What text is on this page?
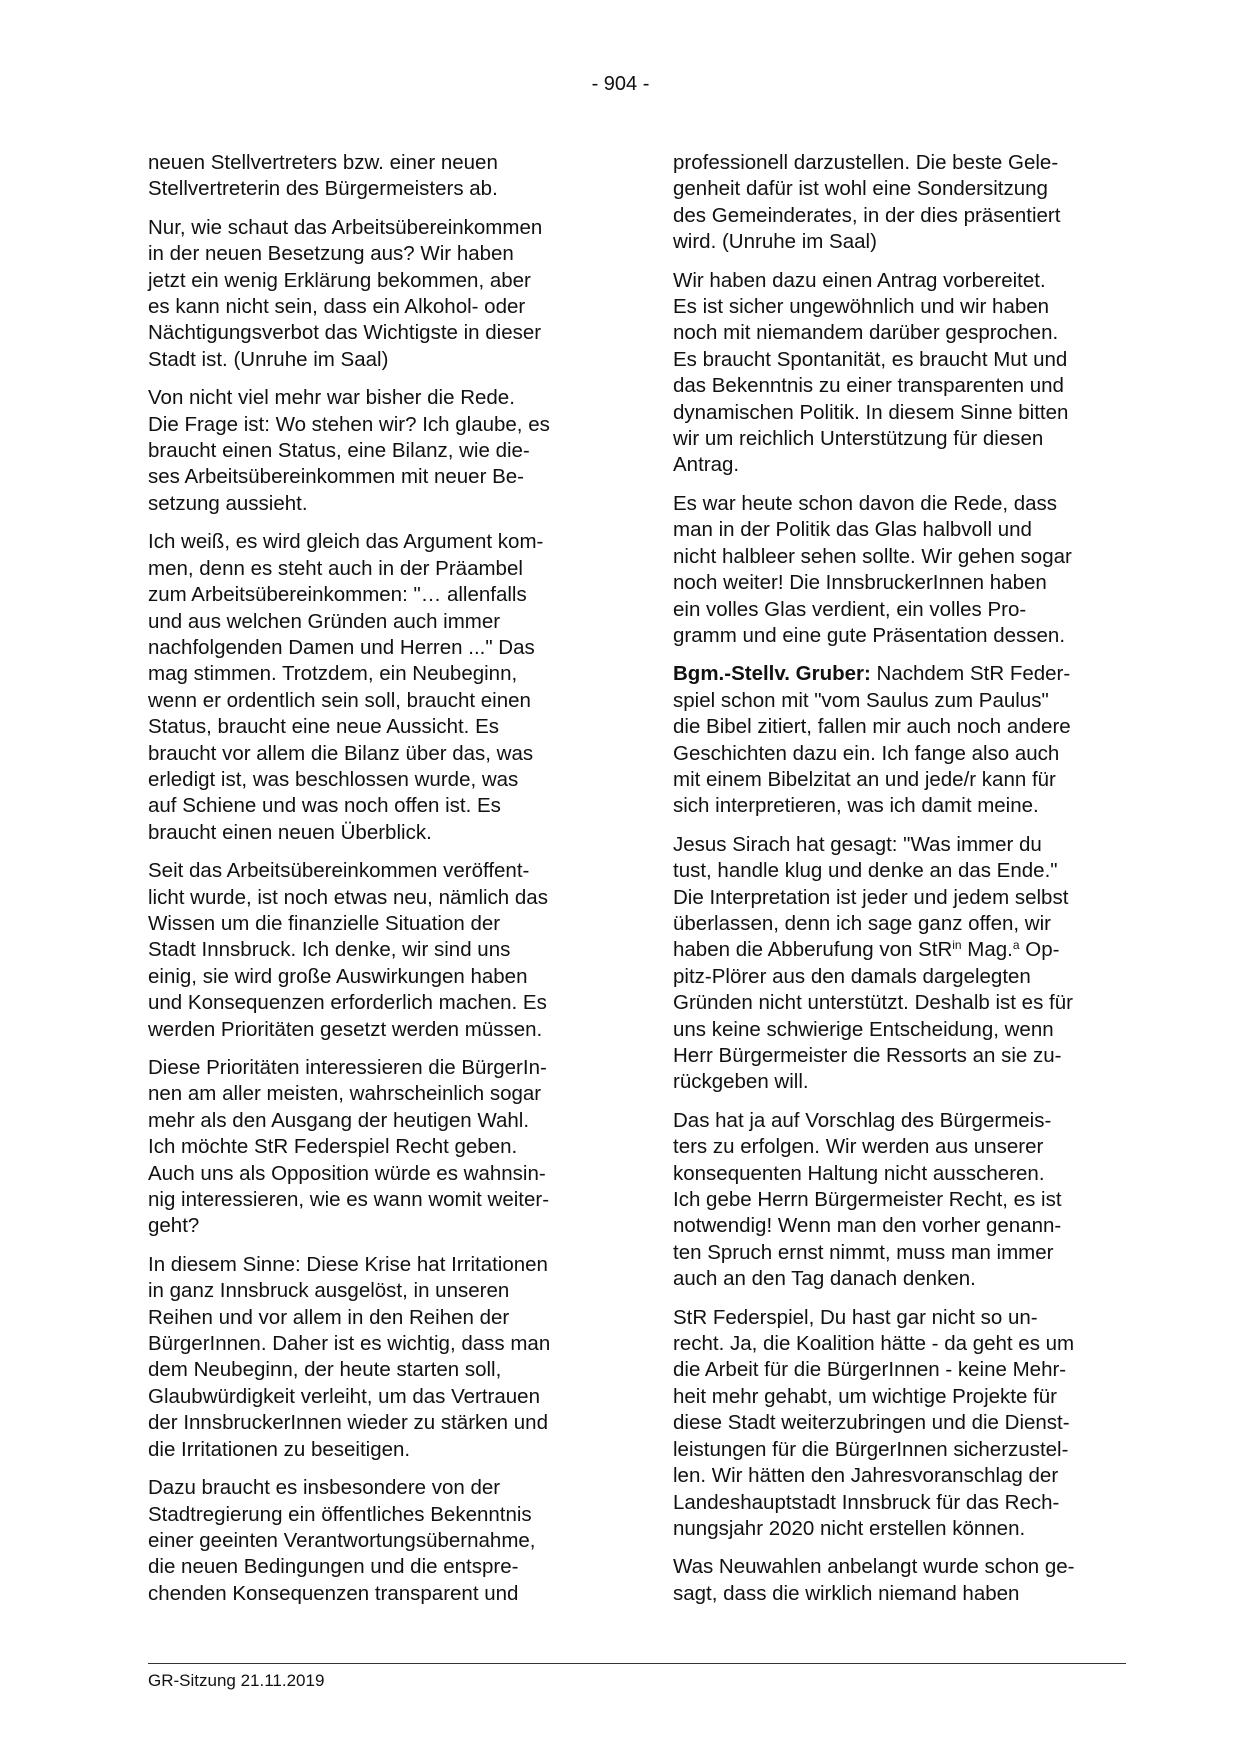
- 904 -

neuen Stellvertreters bzw. einer neuen
Stellvertreterin des Bürgermeisters ab.

Nur, wie schaut das Arbeitsübereinkommen
in der neuen Besetzung aus? Wir haben
jetzt ein wenig Erklärung bekommen, aber
es kann nicht sein, dass ein Alkohol- oder
Nächtigungsverbot das Wichtigste in dieser
Stadt ist. (Unruhe im Saal)

Von nicht viel mehr war bisher die Rede.
Die Frage ist: Wo stehen wir? Ich glaube, es
braucht einen Status, eine Bilanz, wie die-
ses Arbeitsübereinkommen mit neuer Be-
setzung aussieht.

Ich weiß, es wird gleich das Argument kom-
men, denn es steht auch in der Präambel
zum Arbeitsübereinkommen: "… allenfalls
und aus welchen Gründen auch immer
nachfolgenden Damen und Herren ..." Das
mag stimmen. Trotzdem, ein Neubeginn,
wenn er ordentlich sein soll, braucht einen
Status, braucht eine neue Aussicht. Es
braucht vor allem die Bilanz über das, was
erledigt ist, was beschlossen wurde, was
auf Schiene und was noch offen ist. Es
braucht einen neuen Überblick.

Seit das Arbeitsübereinkommen veröffent-
licht wurde, ist noch etwas neu, nämlich das
Wissen um die finanzielle Situation der
Stadt Innsbruck. Ich denke, wir sind uns
einig, sie wird große Auswirkungen haben
und Konsequenzen erforderlich machen. Es
werden Prioritäten gesetzt werden müssen.

Diese Prioritäten interessieren die BürgerIn-
nen am aller meisten, wahrscheinlich sogar
mehr als den Ausgang der heutigen Wahl.
Ich möchte StR Federspiel Recht geben.
Auch uns als Opposition würde es wahnsin-
nig interessieren, wie es wann womit weiter-
geht?

In diesem Sinne: Diese Krise hat Irritationen
in ganz Innsbruck ausgelöst, in unseren
Reihen und vor allem in den Reihen der
BürgerInnen. Daher ist es wichtig, dass man
dem Neubeginn, der heute starten soll,
Glaubwürdigkeit verleiht, um das Vertrauen
der InnsbruckerInnen wieder zu stärken und
die Irritationen zu beseitigen.

Dazu braucht es insbesondere von der
Stadtregierung ein öffentliches Bekenntnis
einer geeinten Verantwortungsübernahme,
die neuen Bedingungen und die entspre-
chenden Konsequenzen transparent und

professionell darzustellen. Die beste Gele-
genheit dafür ist wohl eine Sondersitzung
des Gemeinderates, in der dies präsentiert
wird. (Unruhe im Saal)

Wir haben dazu einen Antrag vorbereitet.
Es ist sicher ungewöhnlich und wir haben
noch mit niemandem darüber gesprochen.
Es braucht Spontanität, es braucht Mut und
das Bekenntnis zu einer transparenten und
dynamischen Politik. In diesem Sinne bitten
wir um reichlich Unterstützung für diesen
Antrag.

Es war heute schon davon die Rede, dass
man in der Politik das Glas halbvoll und
nicht halbleer sehen sollte. Wir gehen sogar
noch weiter! Die InnsbruckerInnen haben
ein volles Glas verdient, ein volles Pro-
gramm und eine gute Präsentation dessen.

Bgm.-Stellv. Gruber: Nachdem StR Feder-
spiel schon mit "vom Saulus zum Paulus"
die Bibel zitiert, fallen mir auch noch andere
Geschichten dazu ein. Ich fange also auch
mit einem Bibelzitat an und jede/r kann für
sich interpretieren, was ich damit meine.

Jesus Sirach hat gesagt: "Was immer du
tust, handle klug und denke an das Ende."
Die Interpretation ist jeder und jedem selbst
überlassen, denn ich sage ganz offen, wir
haben die Abberufung von StR$^{in}$ Mag.$^a$ Op-
pitz-Plörer aus den damals dargelegten
Gründen nicht unterstützt. Deshalb ist es für
uns keine schwierige Entscheidung, wenn
Herr Bürgermeister die Ressorts an sie zu-
rückgeben will.

Das hat ja auf Vorschlag des Bürgermeis-
ters zu erfolgen. Wir werden aus unserer
konsequenten Haltung nicht ausscheren.
Ich gebe Herrn Bürgermeister Recht, es ist
notwendig! Wenn man den vorher genann-
ten Spruch ernst nimmt, muss man immer
auch an den Tag danach denken.

StR Federspiel, Du hast gar nicht so un-
recht. Ja, die Koalition hätte - da geht es um
die Arbeit für die BürgerInnen - keine Mehr-
heit mehr gehabt, um wichtige Projekte für
diese Stadt weiterzubringen und die Dienst-
leistungen für die BürgerInnen sicherzustel-
len. Wir hätten den Jahresvoranschlag der
Landeshauptstadt Innsbruck für das Rech-
nungsjahr 2020 nicht erstellen können.

Was Neuwahlen anbelangt wurde schon ge-
sagt, dass die wirklich niemand haben

GR-Sitzung 21.11.2019
